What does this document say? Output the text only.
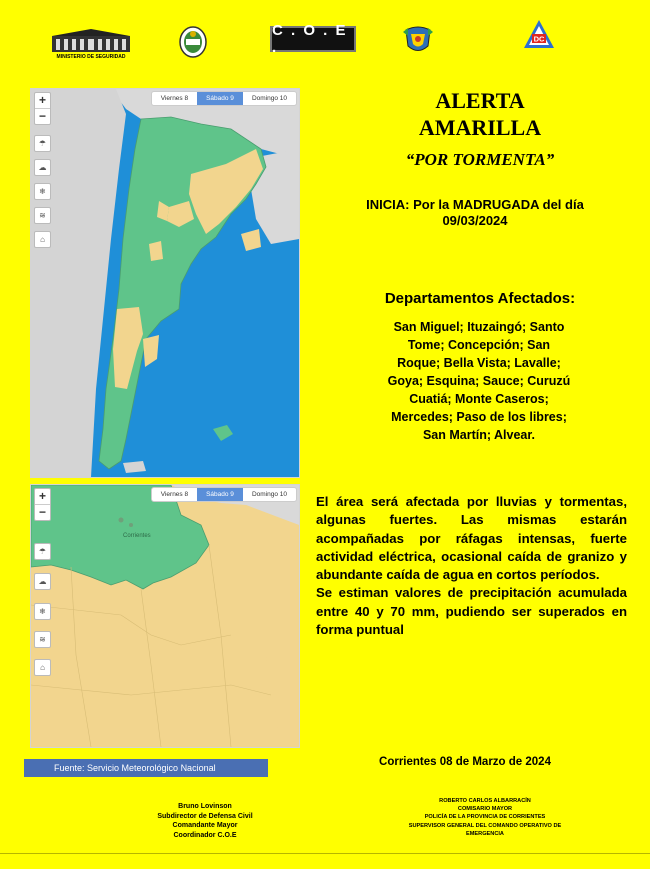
MINISTERIO DE SEGURIDAD
C . O . E .	DC
Viernes 8	Sábado 9	Domingo 10
+
−
☂
☁
❄
≋
⌂
Corrientes
Viernes 8	Sábado 9	Domingo 10
+
−
☂
☁
❄
≋
⌂
ALERTA
AMARILLA
“POR TORMENTA”
INICIA: Por la MADRUGADA del día
09/03/2024
Departamentos Afectados:
San Miguel; Ituzaingó; Santo
Tome; Concepción; San
Roque; Bella Vista; Lavalle;
Goya; Esquina; Sauce; Curuzú
Cuatiá; Monte Caseros;
Mercedes; Paso de los libres;
San Martín; Alvear.

El área será afectada por lluvias y tormentas, algunas fuertes. Las mismas estarán acompañadas por ráfagas intensas, fuerte actividad eléctrica, ocasional caída de granizo y abundante caída de agua en cortos períodos.

Se estiman valores de precipitación acumulada entre 40 y 70 mm, pudiendo ser superados en forma puntual

Fuente: Servicio Meteorológico Nacional	Corrientes 08 de Marzo de 2024
Bruno Lovinson
Subdirector de Defensa Civil
Comandante Mayor
Coordinador C.O.E
ROBERTO CARLOS ALBARRACÍN
COMISARIO MAYOR
POLICÍA DE LA PROVINCIA DE CORRIENTES
SUPERVISOR GENERAL DEL COMANDO OPERATIVO DE
EMERGENCIA
